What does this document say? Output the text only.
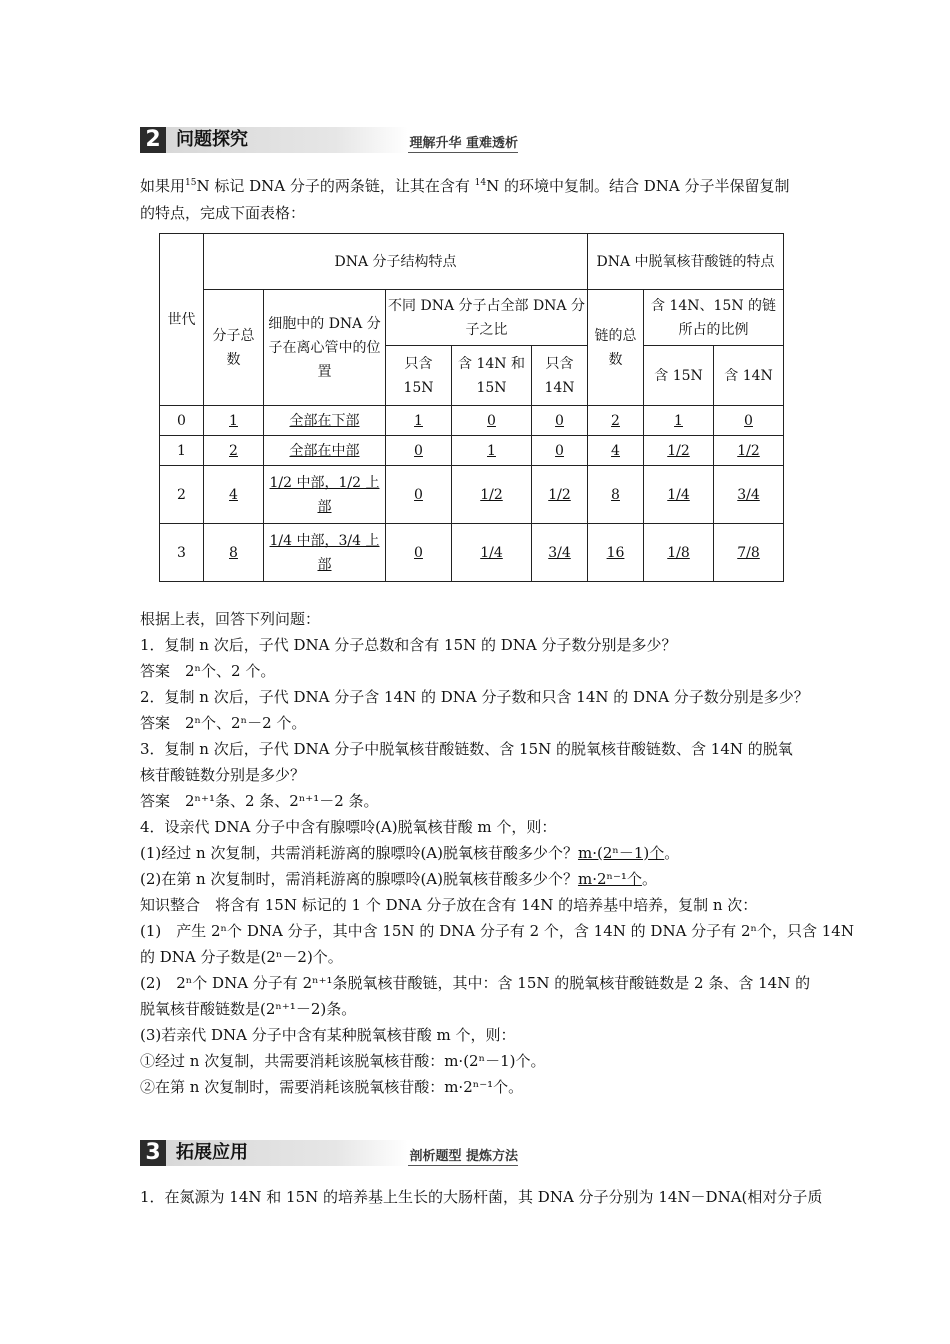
2 问题探究	理解升华 重难透析
如果用$^{15}$N 标记 DNA 分子的两条链，让其在含有 $^{14}$N 的环境中复制。结合 DNA 分子半保留复制
的特点，完成下面表格：
世代	DNA 分子结构特点					DNA 中脱氧核苷酸链的特点		
	分子总数	细胞中的 DNA 分子在离心管中的位置	不同 DNA 分子占全部 DNA 分子之比			链的总数	含 14N、15N 的链所占的比例	
			只含 15N	含 14N 和 15N	只含 14N		含 15N	含 14N
0	1	全部在下部	1	0	0	2	1	0
1	2	全部在中部	0	1	0	4	1/2	1/2
2	4	1/2 中部，1/2 上部	0	1/2	1/2	8	1/4	3/4
3	8	1/4 中部，3/4 上部	0	1/4	3/4	16	1/8	7/8
根据上表，回答下列问题：
1．复制 n 次后，子代 DNA 分子总数和含有 15N 的 DNA 分子数分别是多少？
答案　2ⁿ个、2 个。
2．复制 n 次后，子代 DNA 分子含 14N 的 DNA 分子数和只含 14N 的 DNA 分子数分别是多少？
答案　2ⁿ个、2ⁿ－2 个。
3．复制 n 次后，子代 DNA 分子中脱氧核苷酸链数、含 15N 的脱氧核苷酸链数、含 14N 的脱氧
核苷酸链数分别是多少？
答案　2ⁿ⁺¹条、2 条、2ⁿ⁺¹－2 条。
4．设亲代 DNA 分子中含有腺嘌呤(A)脱氧核苷酸 m 个，则：
(1)经过 n 次复制，共需消耗游离的腺嘌呤(A)脱氧核苷酸多少个？m·(2ⁿ－1)个。
(2)在第 n 次复制时，需消耗游离的腺嘌呤(A)脱氧核苷酸多少个？m·2ⁿ⁻¹个。
知识整合　将含有 15N 标记的 1 个 DNA 分子放在含有 14N 的培养基中培养，复制 n 次：
(1)　产生 2ⁿ个 DNA 分子，其中含 15N 的 DNA 分子有 2 个，含 14N 的 DNA 分子有 2ⁿ个，只含 14N
的 DNA 分子数是(2ⁿ－2)个。
(2)　2ⁿ个 DNA 分子有 2ⁿ⁺¹条脱氧核苷酸链，其中：含 15N 的脱氧核苷酸链数是 2 条、含 14N 的
脱氧核苷酸链数是(2ⁿ⁺¹－2)条。
(3)若亲代 DNA 分子中含有某种脱氧核苷酸 m 个，则：
①经过 n 次复制，共需要消耗该脱氧核苷酸：m·(2ⁿ－1)个。
②在第 n 次复制时，需要消耗该脱氧核苷酸：m·2ⁿ⁻¹个。
3 拓展应用	剖析题型 提炼方法
1．在氮源为 14N 和 15N 的培养基上生长的大肠杆菌，其 DNA 分子分别为 14N－DNA(相对分子质
